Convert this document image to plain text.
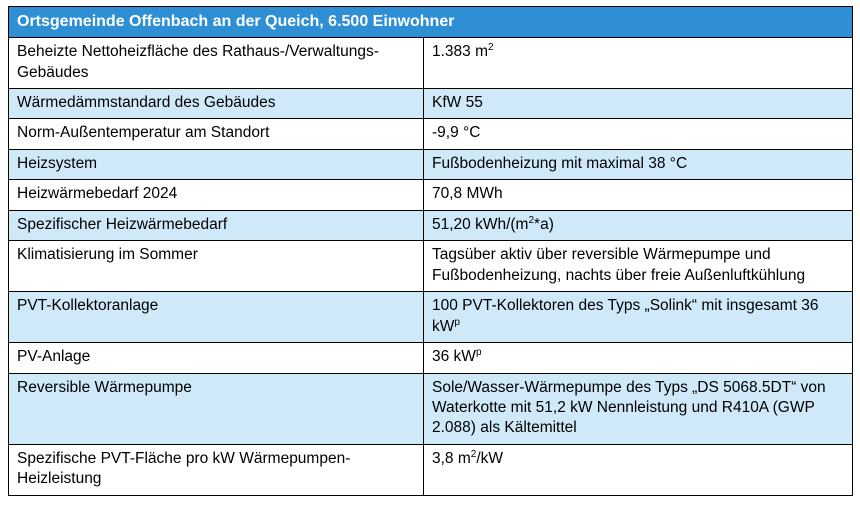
Ortsgemeinde Offenbach an der Queich, 6.500 Einwohner	

Beheizte Nettoheizfläche des Rathaus-/Verwaltungs-Gebäudes	1.383 $m^2$

Wärmedämmstandard des Gebäudes	KfW 55

Norm-Außentemperatur am Standort	-9,9 °C

Heizsystem	Fußbodenheizung mit maximal 38 °C

Heizwärmebedarf 2024	70,8 MWh

Spezifischer Heizwärmebedarf	51,20 kWh/$(m^2*a)$

Klimatisierung im Sommer	Tagsüber aktiv über reversible Wärmepumpe und Fußbodenheizung, nachts über freie Außenluftkühlung

PVT-Kollektoranlage	100 PVT-Kollektoren des Typs „Solink“ mit insgesamt 36 $kW^p$

PV-Anlage	36 $kW^p$

Reversible Wärmepumpe	Sole/Wasser-Wärmepumpe des Typs „DS 5068.5DT“ von Waterkotte mit 51,2 kW Nennleistung und R410A (GWP 2.088) als Kältemittel

Spezifische PVT-Fläche pro kW Wärmepumpen-Heizleistung	3,8 $m^2/kW$
